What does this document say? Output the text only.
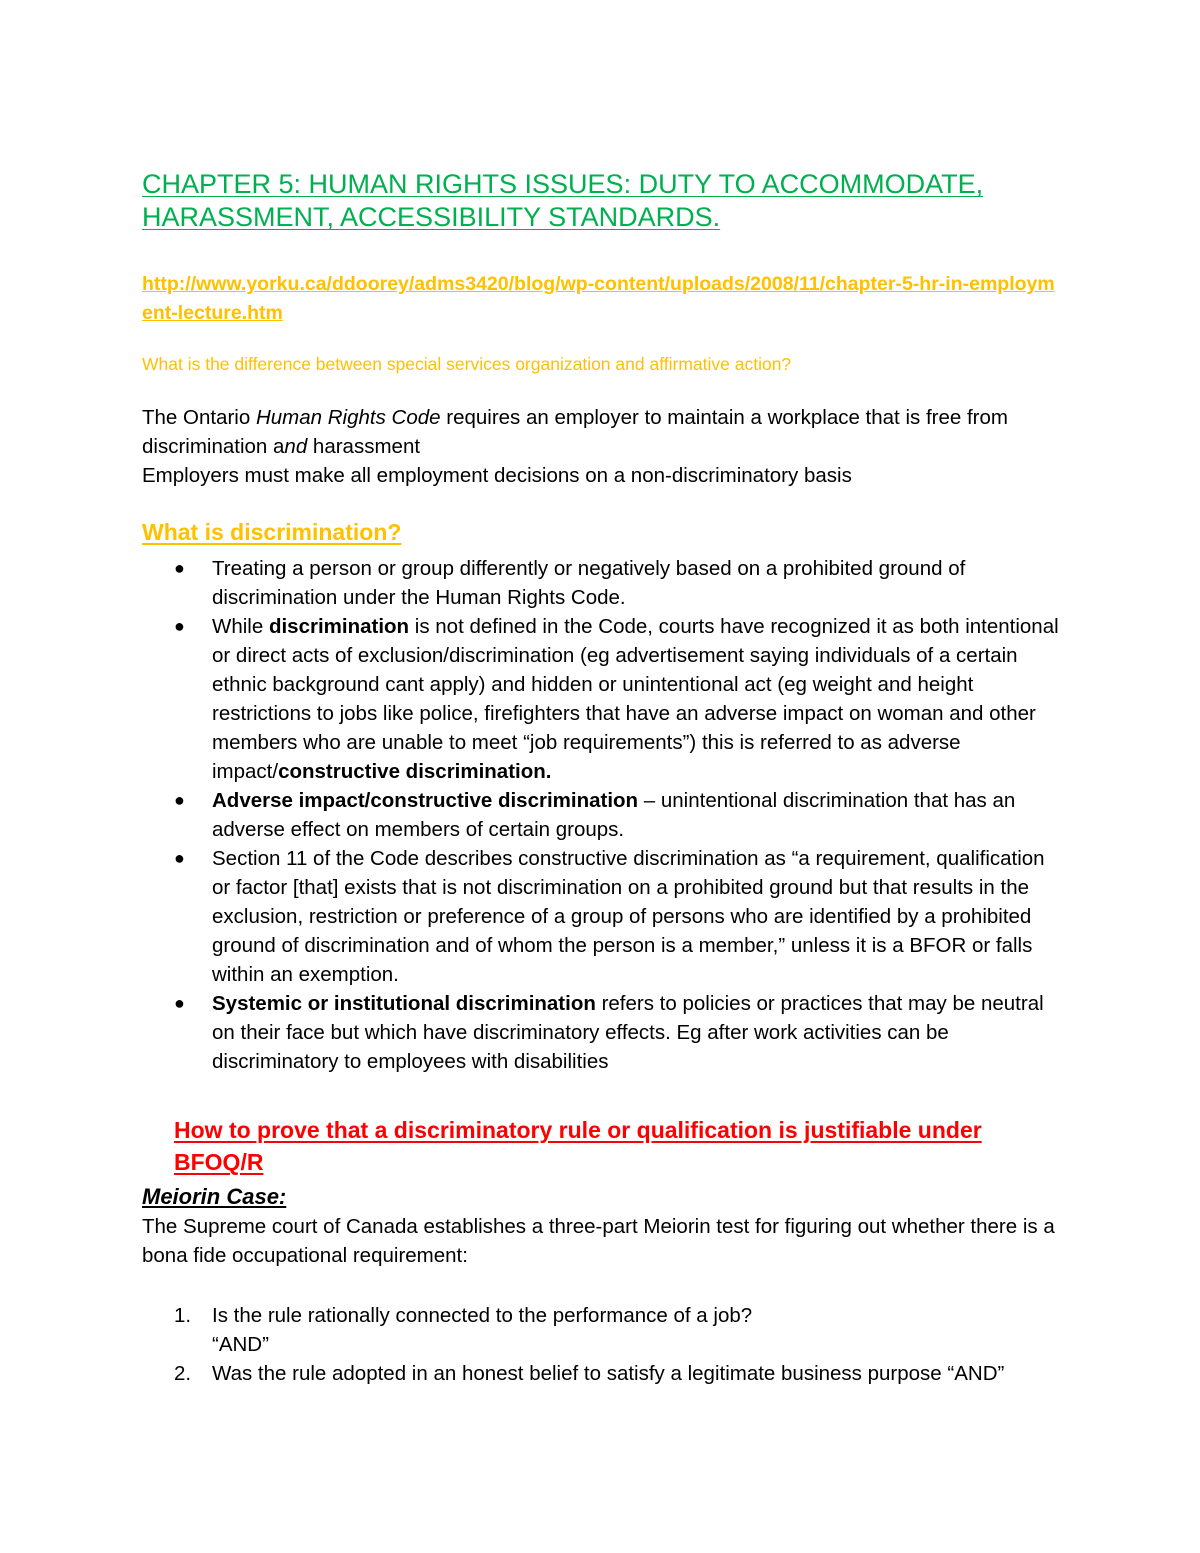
CHAPTER 5: HUMAN RIGHTS ISSUES: DUTY TO ACCOMMODATE, HARASSMENT, ACCESSIBILITY STANDARDS.
http://www.yorku.ca/ddoorey/adms3420/blog/wp-content/uploads/2008/11/chapter-5-hr-in-employment-lecture.htm
What is the difference between special services organization and affirmative action?

The Ontario Human Rights Code requires an employer to maintain a workplace that is free from discrimination and harassment

Employers must make all employment decisions on a non-discriminatory basis

What is discrimination?
● Treating a person or group differently or negatively based on a prohibited ground of discrimination under the Human Rights Code.
● While discrimination is not defined in the Code, courts have recognized it as both intentional or direct acts of exclusion/discrimination (eg advertisement saying individuals of a certain ethnic background cant apply) and hidden or unintentional act (eg weight and height restrictions to jobs like police, firefighters that have an adverse impact on woman and other members who are unable to meet “job requirements”) this is referred to as adverse impact/constructive discrimination.
● Adverse impact/constructive discrimination – unintentional discrimination that has an adverse effect on members of certain groups.
● Section 11 of the Code describes constructive discrimination as “a requirement, qualification or factor [that] exists that is not discrimination on a prohibited ground but that results in the exclusion, restriction or preference of a group of persons who are identified by a prohibited ground of discrimination and of whom the person is a member,” unless it is a BFOR or falls within an exemption.
● Systemic or institutional discrimination refers to policies or practices that may be neutral on their face but which have discriminatory effects. Eg after work activities can be discriminatory to employees with disabilities
How to prove that a discriminatory rule or qualification is justifiable under BFOQ/R
Meiorin Case:
The Supreme court of Canada establishes a three-part Meiorin test for figuring out whether there is a bona fide occupational requirement:
1. Is the rule rationally connected to the performance of a job?
“AND”
2. Was the rule adopted in an honest belief to satisfy a legitimate business purpose “AND”
